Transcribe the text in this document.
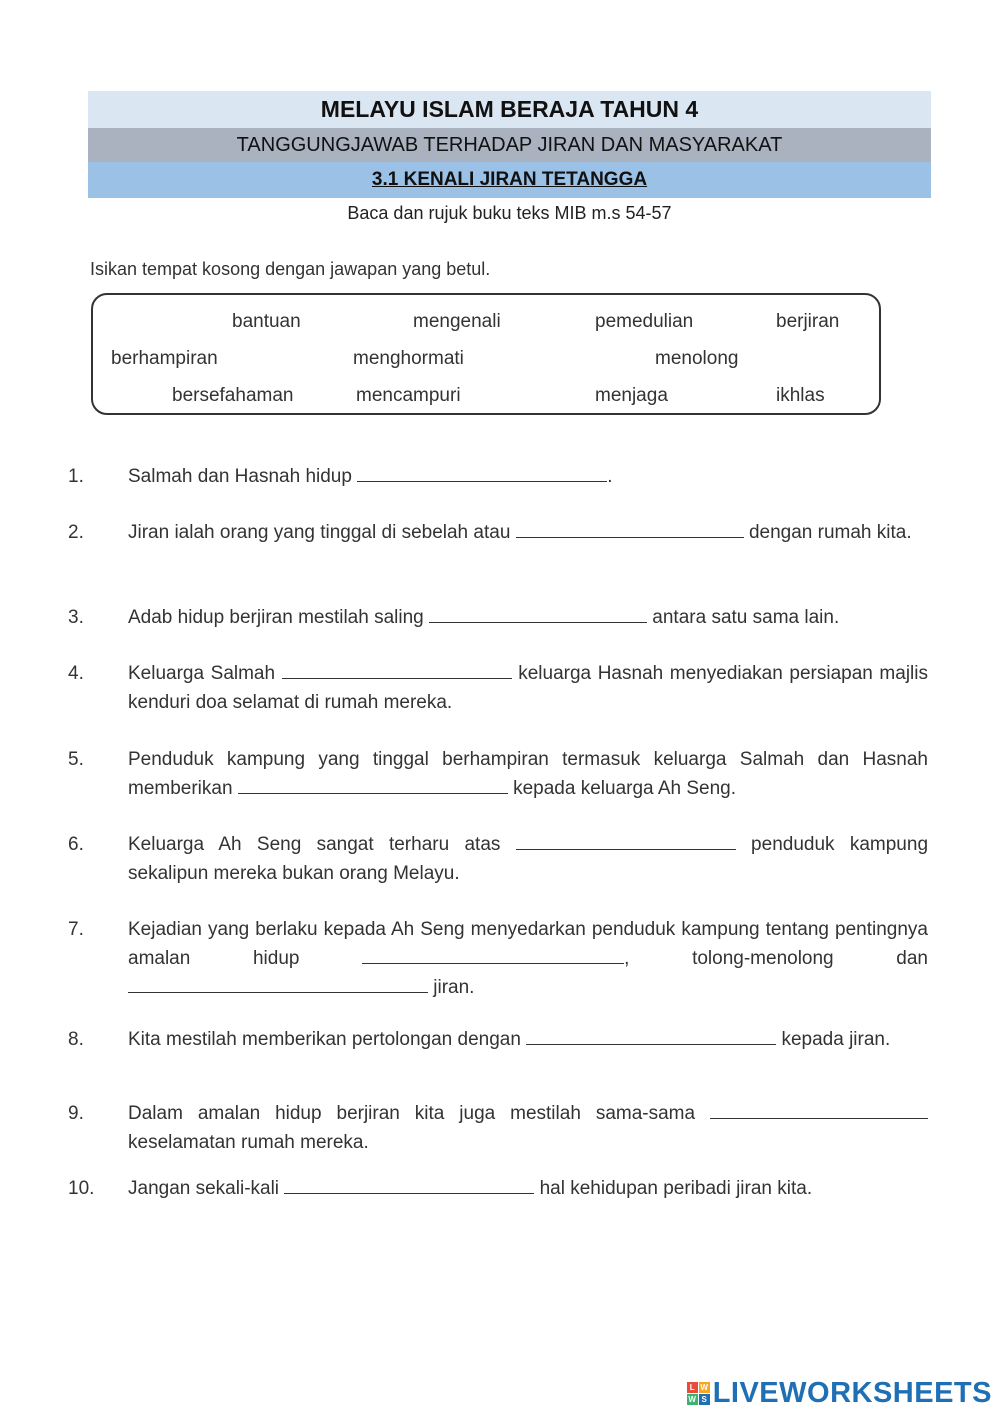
MELAYU ISLAM BERAJA TAHUN 4
TANGGUNGJAWAB TERHADAP JIRAN DAN MASYARAKAT
3.1 KENALI JIRAN TETANGGA
Baca dan rujuk buku teks MIB m.s 54-57
Isikan tempat kosong dengan jawapan yang betul.
bantuan	mengenali	pemedulian	berjiran
berhampiran	menghormati	menolong
bersefahaman	mencampuri	menjaga	ikhlas
1. Salmah dan Hasnah hidup	.
2. Jiran ialah orang yang tinggal di sebelah atau	dengan rumah kita.
3. Adab hidup berjiran mestilah saling	antara satu sama lain.
4. Keluarga Salmah	keluarga Hasnah menyediakan persiapan majlis kenduri doa selamat di rumah mereka.
5. Penduduk kampung yang tinggal berhampiran termasuk keluarga Salmah dan Hasnah memberikan	kepada keluarga Ah Seng.
6. Keluarga Ah Seng sangat terharu atas	penduduk kampung sekalipun mereka bukan orang Melayu.
7. Kejadian yang berlaku kepada Ah Seng menyedarkan penduduk kampung tentang pentingnya amalan hidup	, tolong-menolong dan  jiran.
8. Kita mestilah memberikan pertolongan dengan	kepada jiran.
9. Dalam amalan hidup berjiran kita juga mestilah sama-sama  keselamatan rumah mereka.
10. Jangan sekali-kali	hal kehidupan peribadi jiran kita.
L W
W S LIVEWORKSHEETS
